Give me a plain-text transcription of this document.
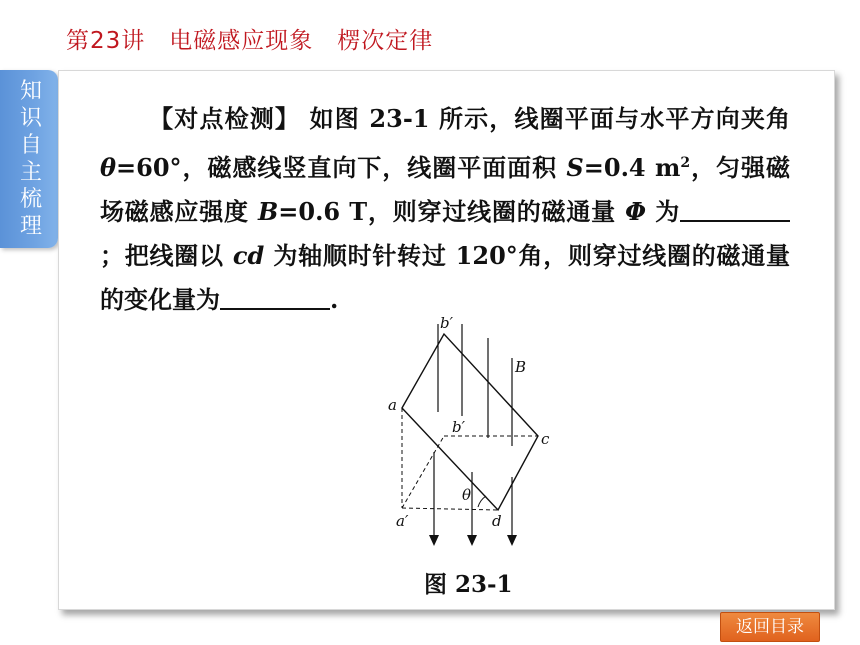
第23讲　电磁感应现象　楞次定律
知识自主梳理
【对点检测】 如图 23-1 所示，线圈平面与水平方向夹角 θ=60°，磁感线竖直向下，线圈平面面积 S=0.4 $m^2$，匀强磁场磁感应强度 B=0.6 T，则穿过线圈的磁通量 Φ 为；把线圈以 cd 为轴顺时针转过 120°角，则穿过线圈的磁通量的变化量为	.
b′
B
a
b′
c
θ
a′	d
图 23-1
返回目录
